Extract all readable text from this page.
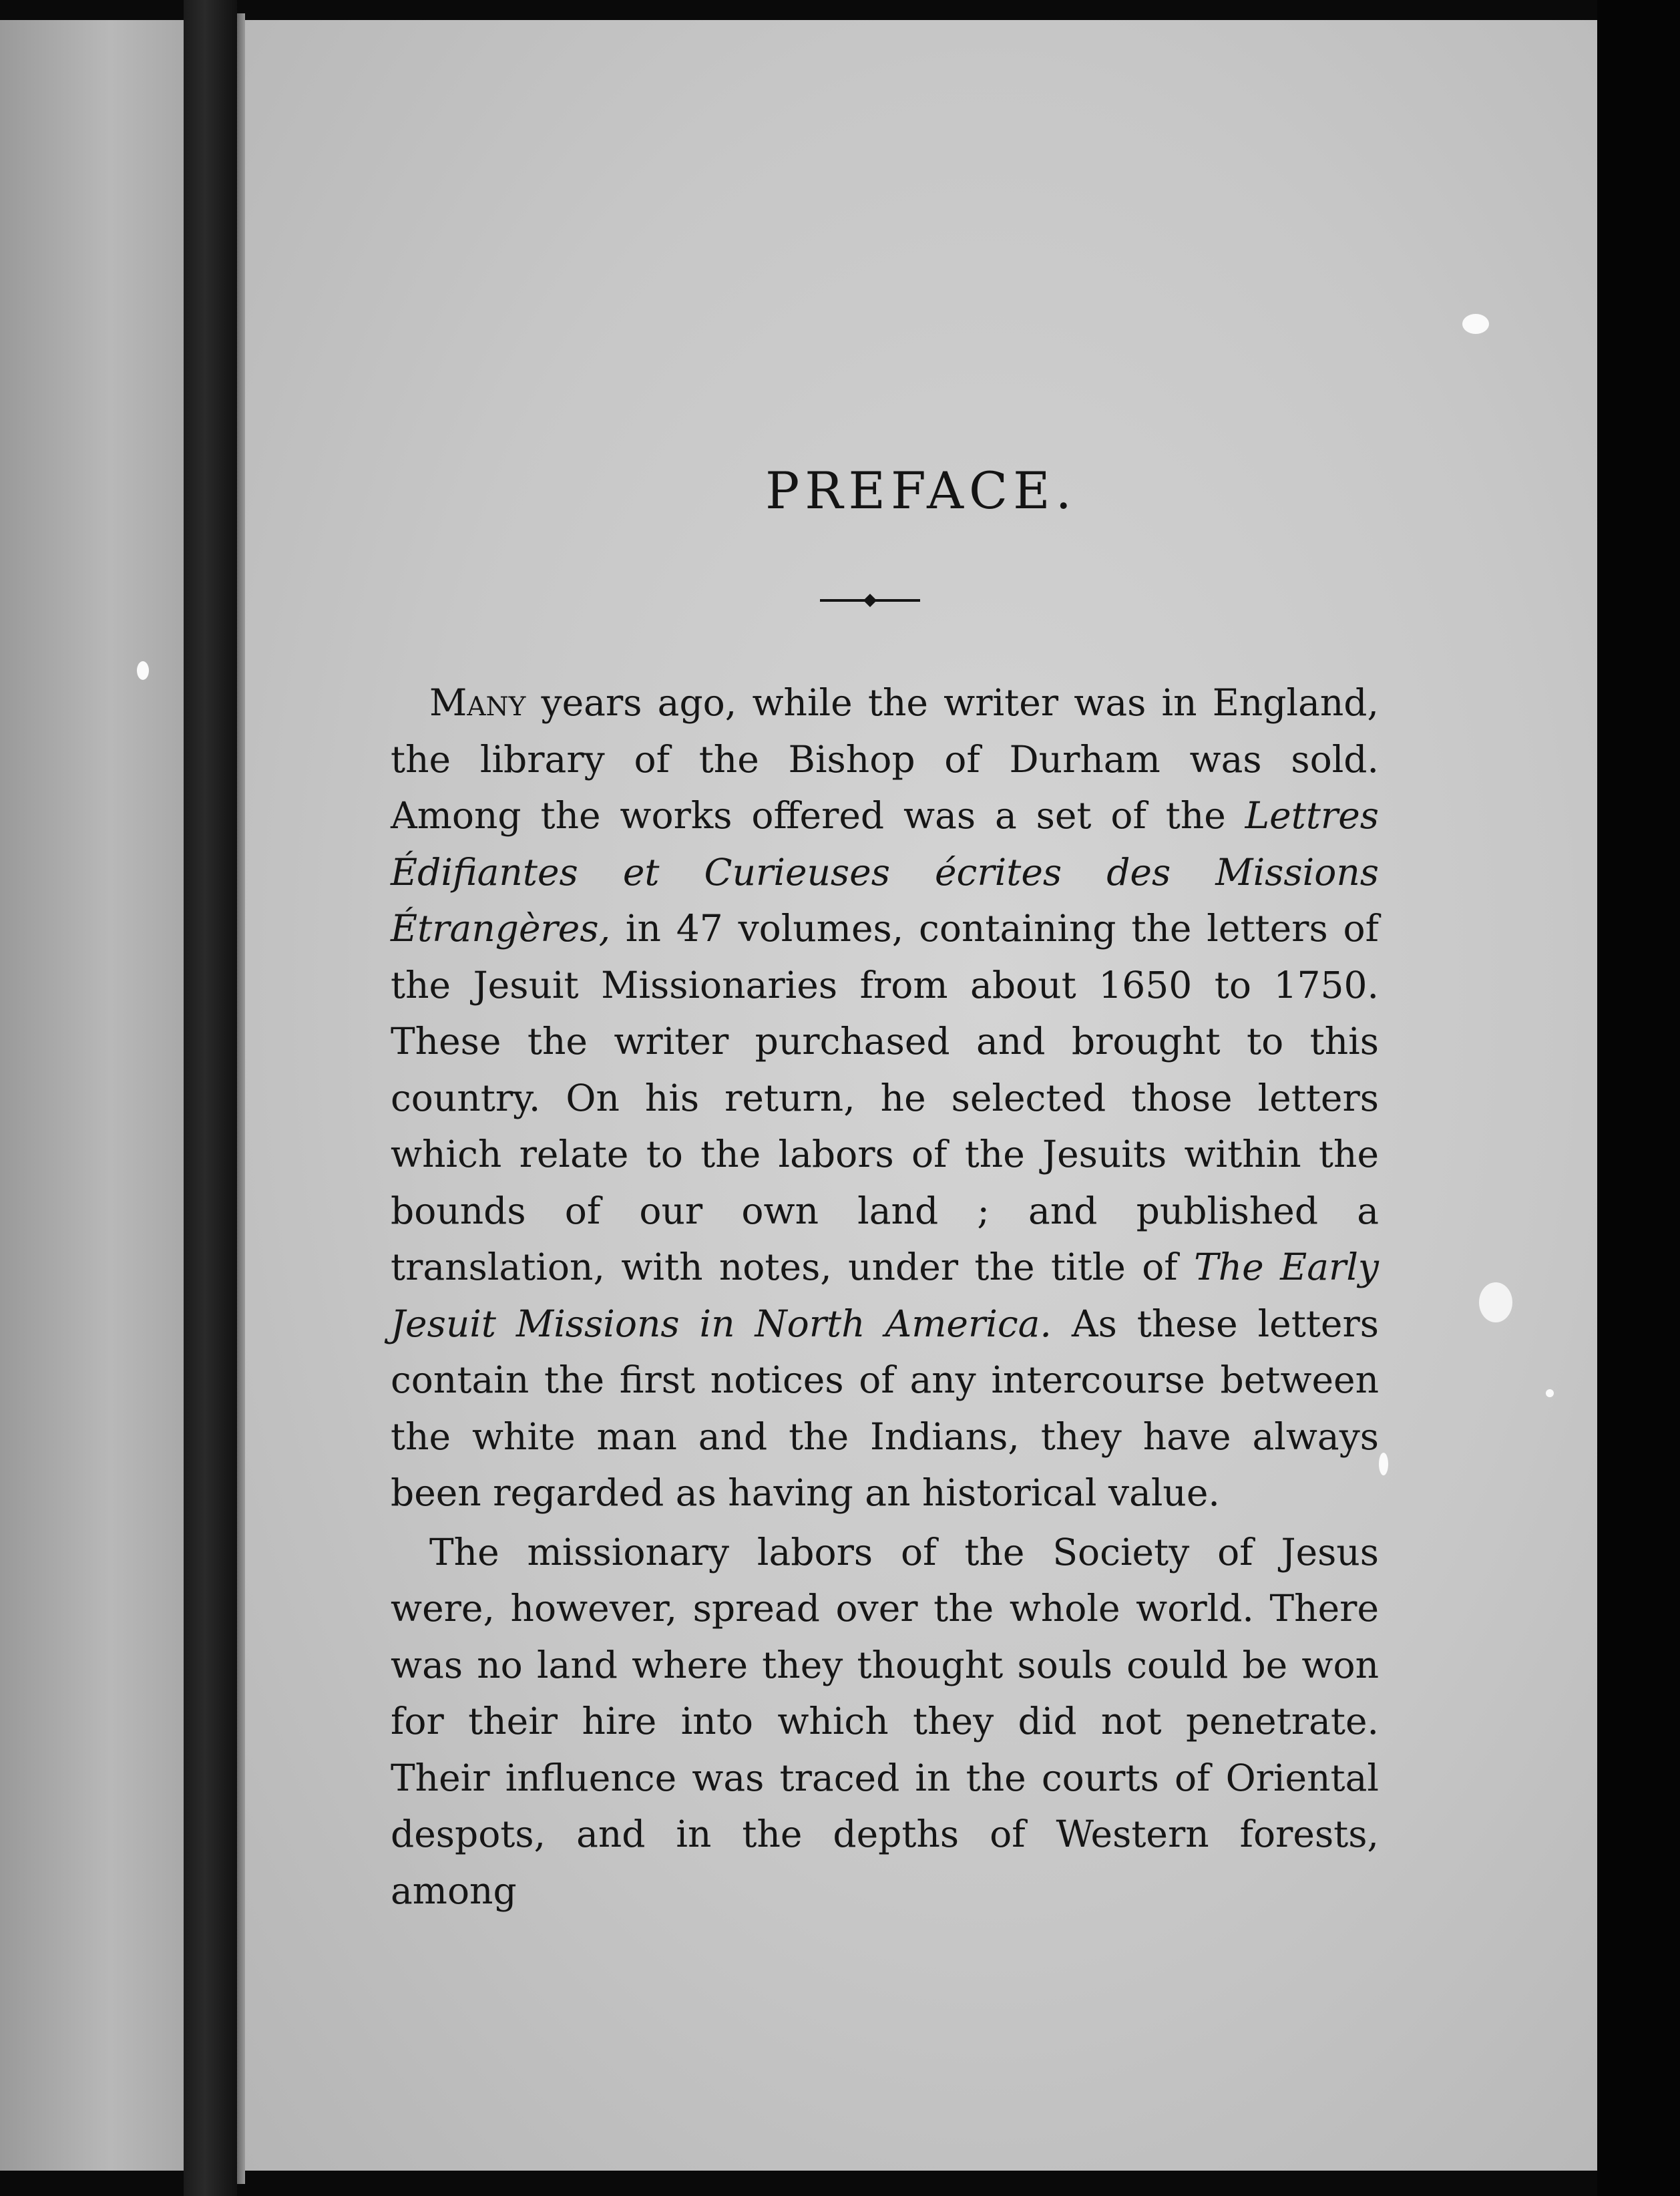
PREFACE.

Many years ago, while the writer was in England, the library of the Bishop of Durham was sold. Among the works offered was a set of the Lettres Édifiantes et Curieuses écrites des Missions Étrangères, in 47 volumes, containing the letters of the Jesuit Missionaries from about 1650 to 1750. These the writer purchased and brought to this country. On his return, he selected those letters which relate to the labors of the Jesuits within the bounds of our own land ; and published a translation, with notes, under the title of The Early Jesuit Missions in North America. As these letters contain the first notices of any intercourse between the white man and the Indians, they have always been regarded as having an historical value.

The missionary labors of the Society of Jesus were, however, spread over the whole world. There was no land where they thought souls could be won for their hire into which they did not penetrate. Their influence was traced in the courts of Oriental despots, and in the depths of Western forests, among
